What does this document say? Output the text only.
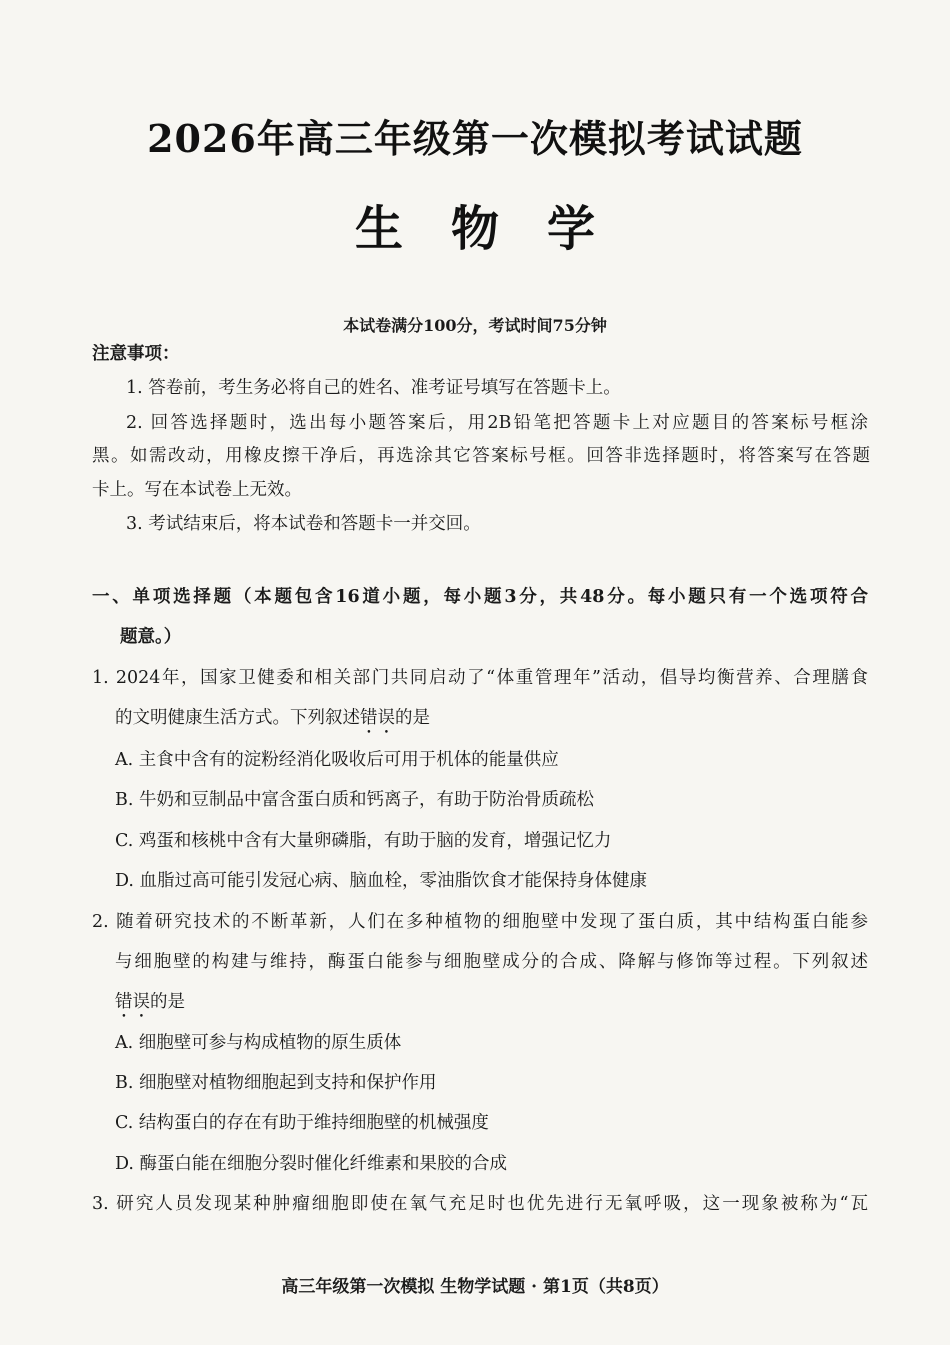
2026年高三年级第一次模拟考试试题
生物学
本试卷满分100分，考试时间75分钟
注意事项：
1. 答卷前，考生务必将自己的姓名、准考证号填写在答题卡上。
2. 回答选择题时，选出每小题答案后，用2B铅笔把答题卡上对应题目的答案标号框涂
黑。如需改动，用橡皮擦干净后，再选涂其它答案标号框。回答非选择题时，将答案写在答题
卡上。写在本试卷上无效。
3. 考试结束后，将本试卷和答题卡一并交回。
一、单项选择题（本题包含16道小题，每小题3分，共48分。每小题只有一个选项符合
题意。）
1. 2024年，国家卫健委和相关部门共同启动了“体重管理年”活动，倡导均衡营养、合理膳食
的文明健康生活方式。下列叙述错误的是
A. 主食中含有的淀粉经消化吸收后可用于机体的能量供应
B. 牛奶和豆制品中富含蛋白质和钙离子，有助于防治骨质疏松
C. 鸡蛋和核桃中含有大量卵磷脂，有助于脑的发育，增强记忆力
D. 血脂过高可能引发冠心病、脑血栓，零油脂饮食才能保持身体健康
2. 随着研究技术的不断革新，人们在多种植物的细胞壁中发现了蛋白质，其中结构蛋白能参
与细胞壁的构建与维持，酶蛋白能参与细胞壁成分的合成、降解与修饰等过程。下列叙述
错误的是
A. 细胞壁可参与构成植物的原生质体
B. 细胞壁对植物细胞起到支持和保护作用
C. 结构蛋白的存在有助于维持细胞壁的机械强度
D. 酶蛋白能在细胞分裂时催化纤维素和果胶的合成
3. 研究人员发现某种肿瘤细胞即使在氧气充足时也优先进行无氧呼吸，这一现象被称为“瓦
高三年级第一次模拟 生物学试题 · 第1页（共8页）
